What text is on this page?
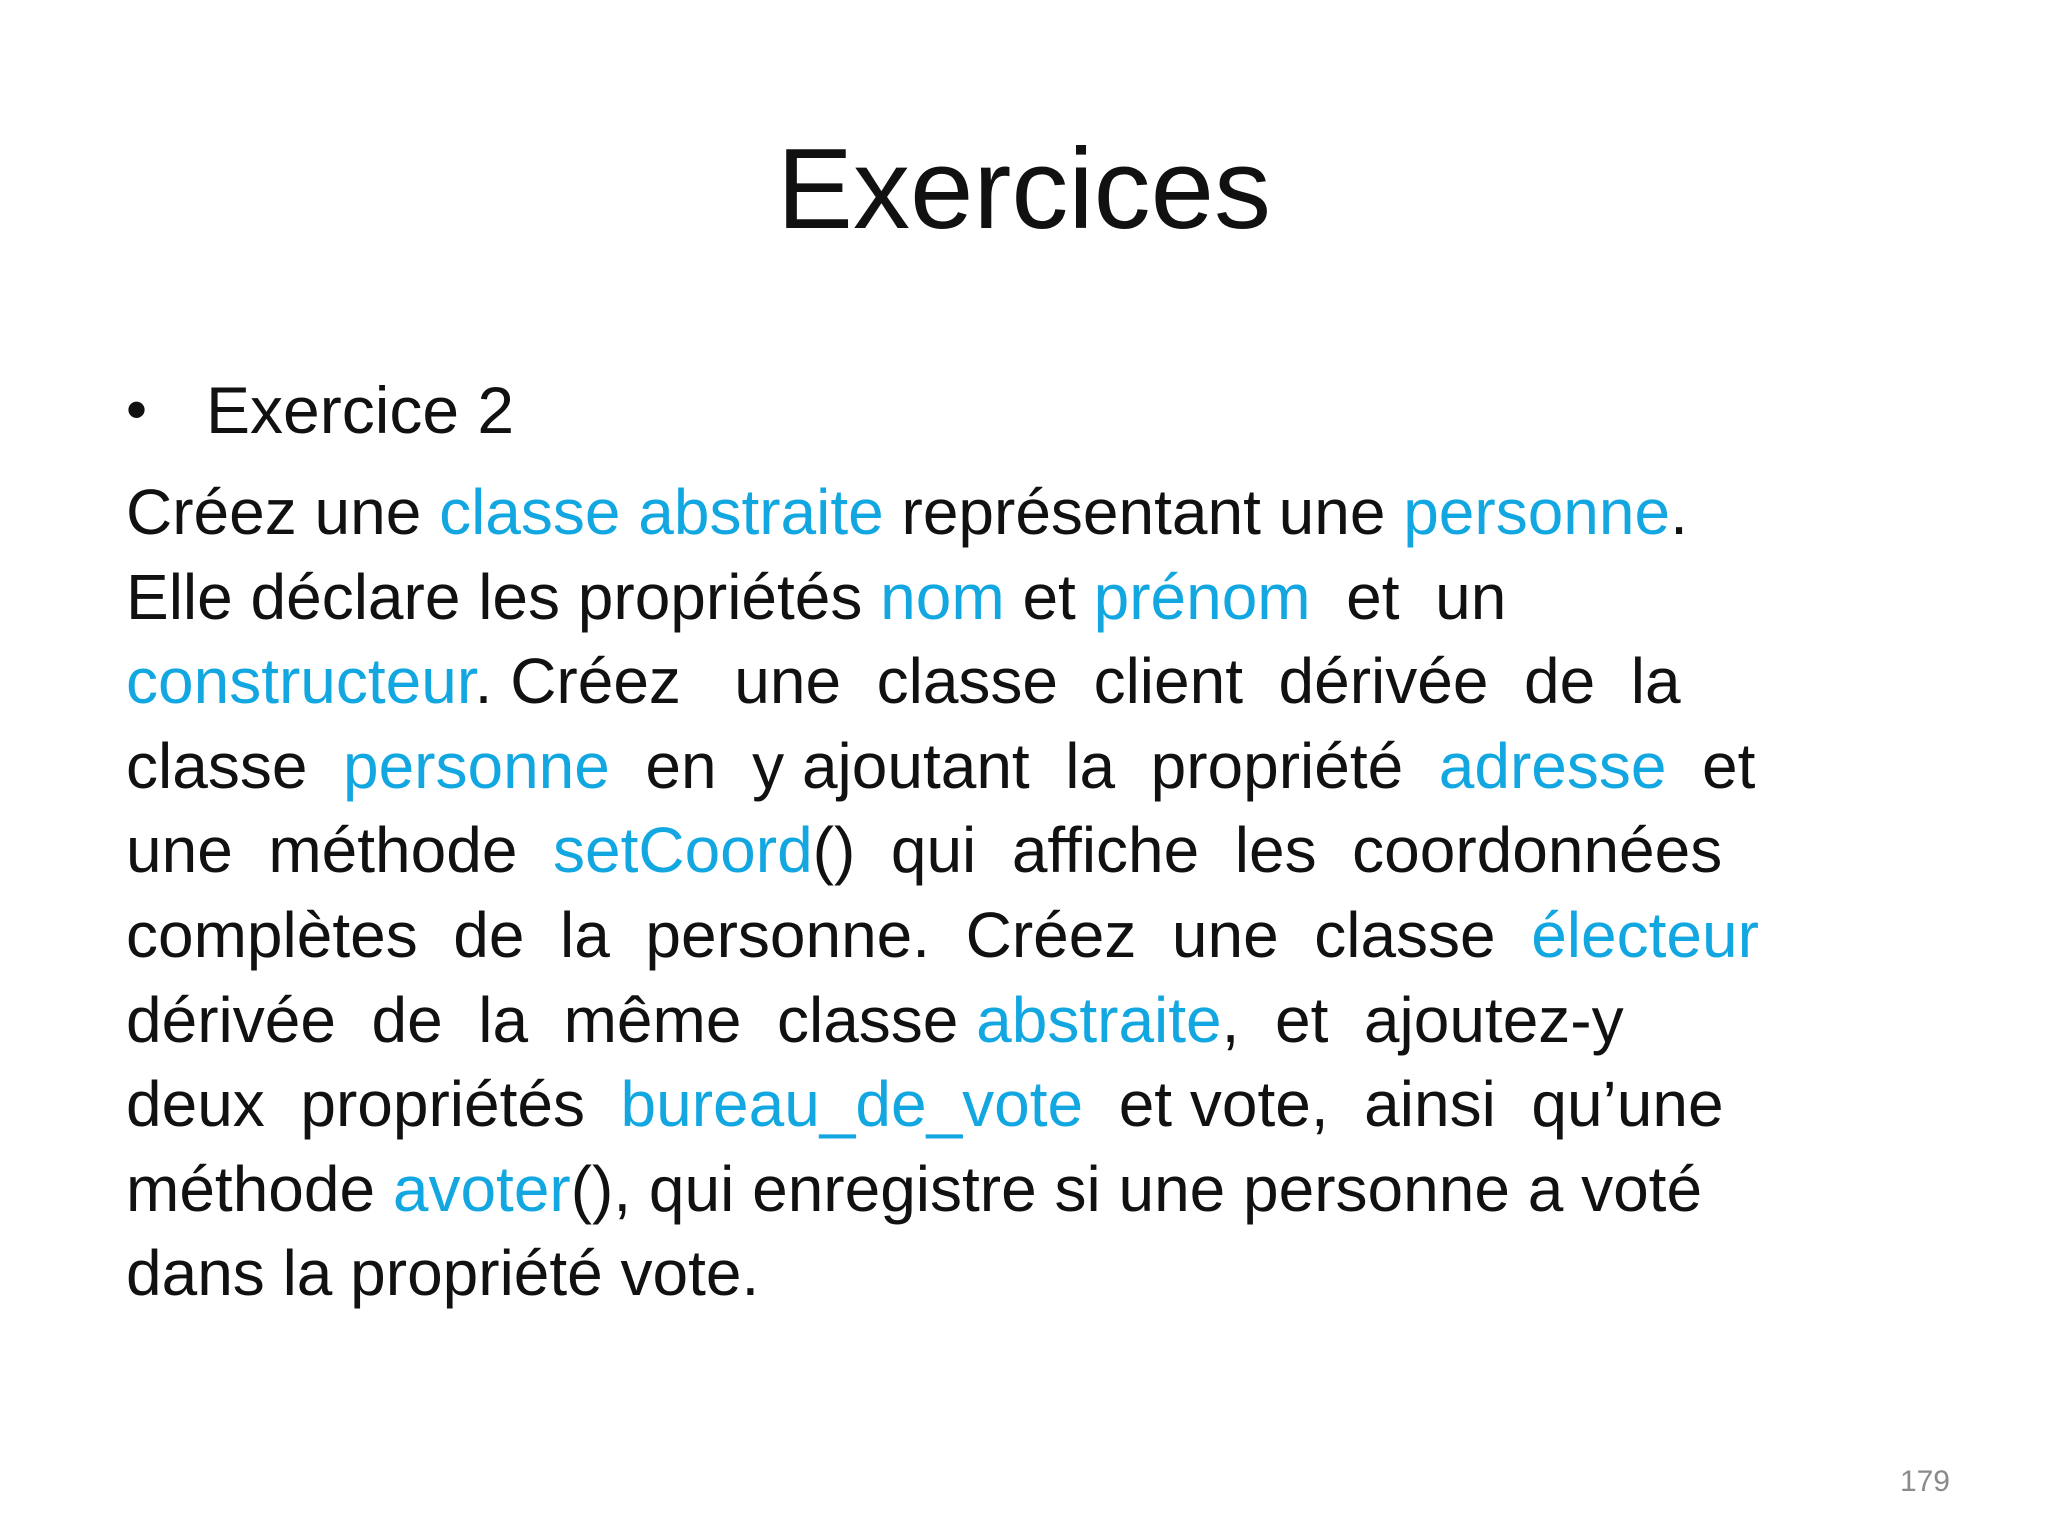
Exercices
• Exercice 2
Créez une classe abstraite représentant une personne.
Elle déclare les propriétés nom et prénom  et  un
constructeur. Créez   une  classe  client  dérivée  de  la
classe  personne  en  y ajoutant  la  propriété  adresse  et
une  méthode  setCoord()  qui  affiche  les  coordonnées
complètes  de  la  personne.  Créez  une  classe  électeur
dérivée  de  la  même  classe abstraite,  et  ajoutez-y
deux  propriétés  bureau_de_vote  et vote,  ainsi  qu’une
méthode avoter(), qui enregistre si une personne a voté
dans la propriété vote.
179
